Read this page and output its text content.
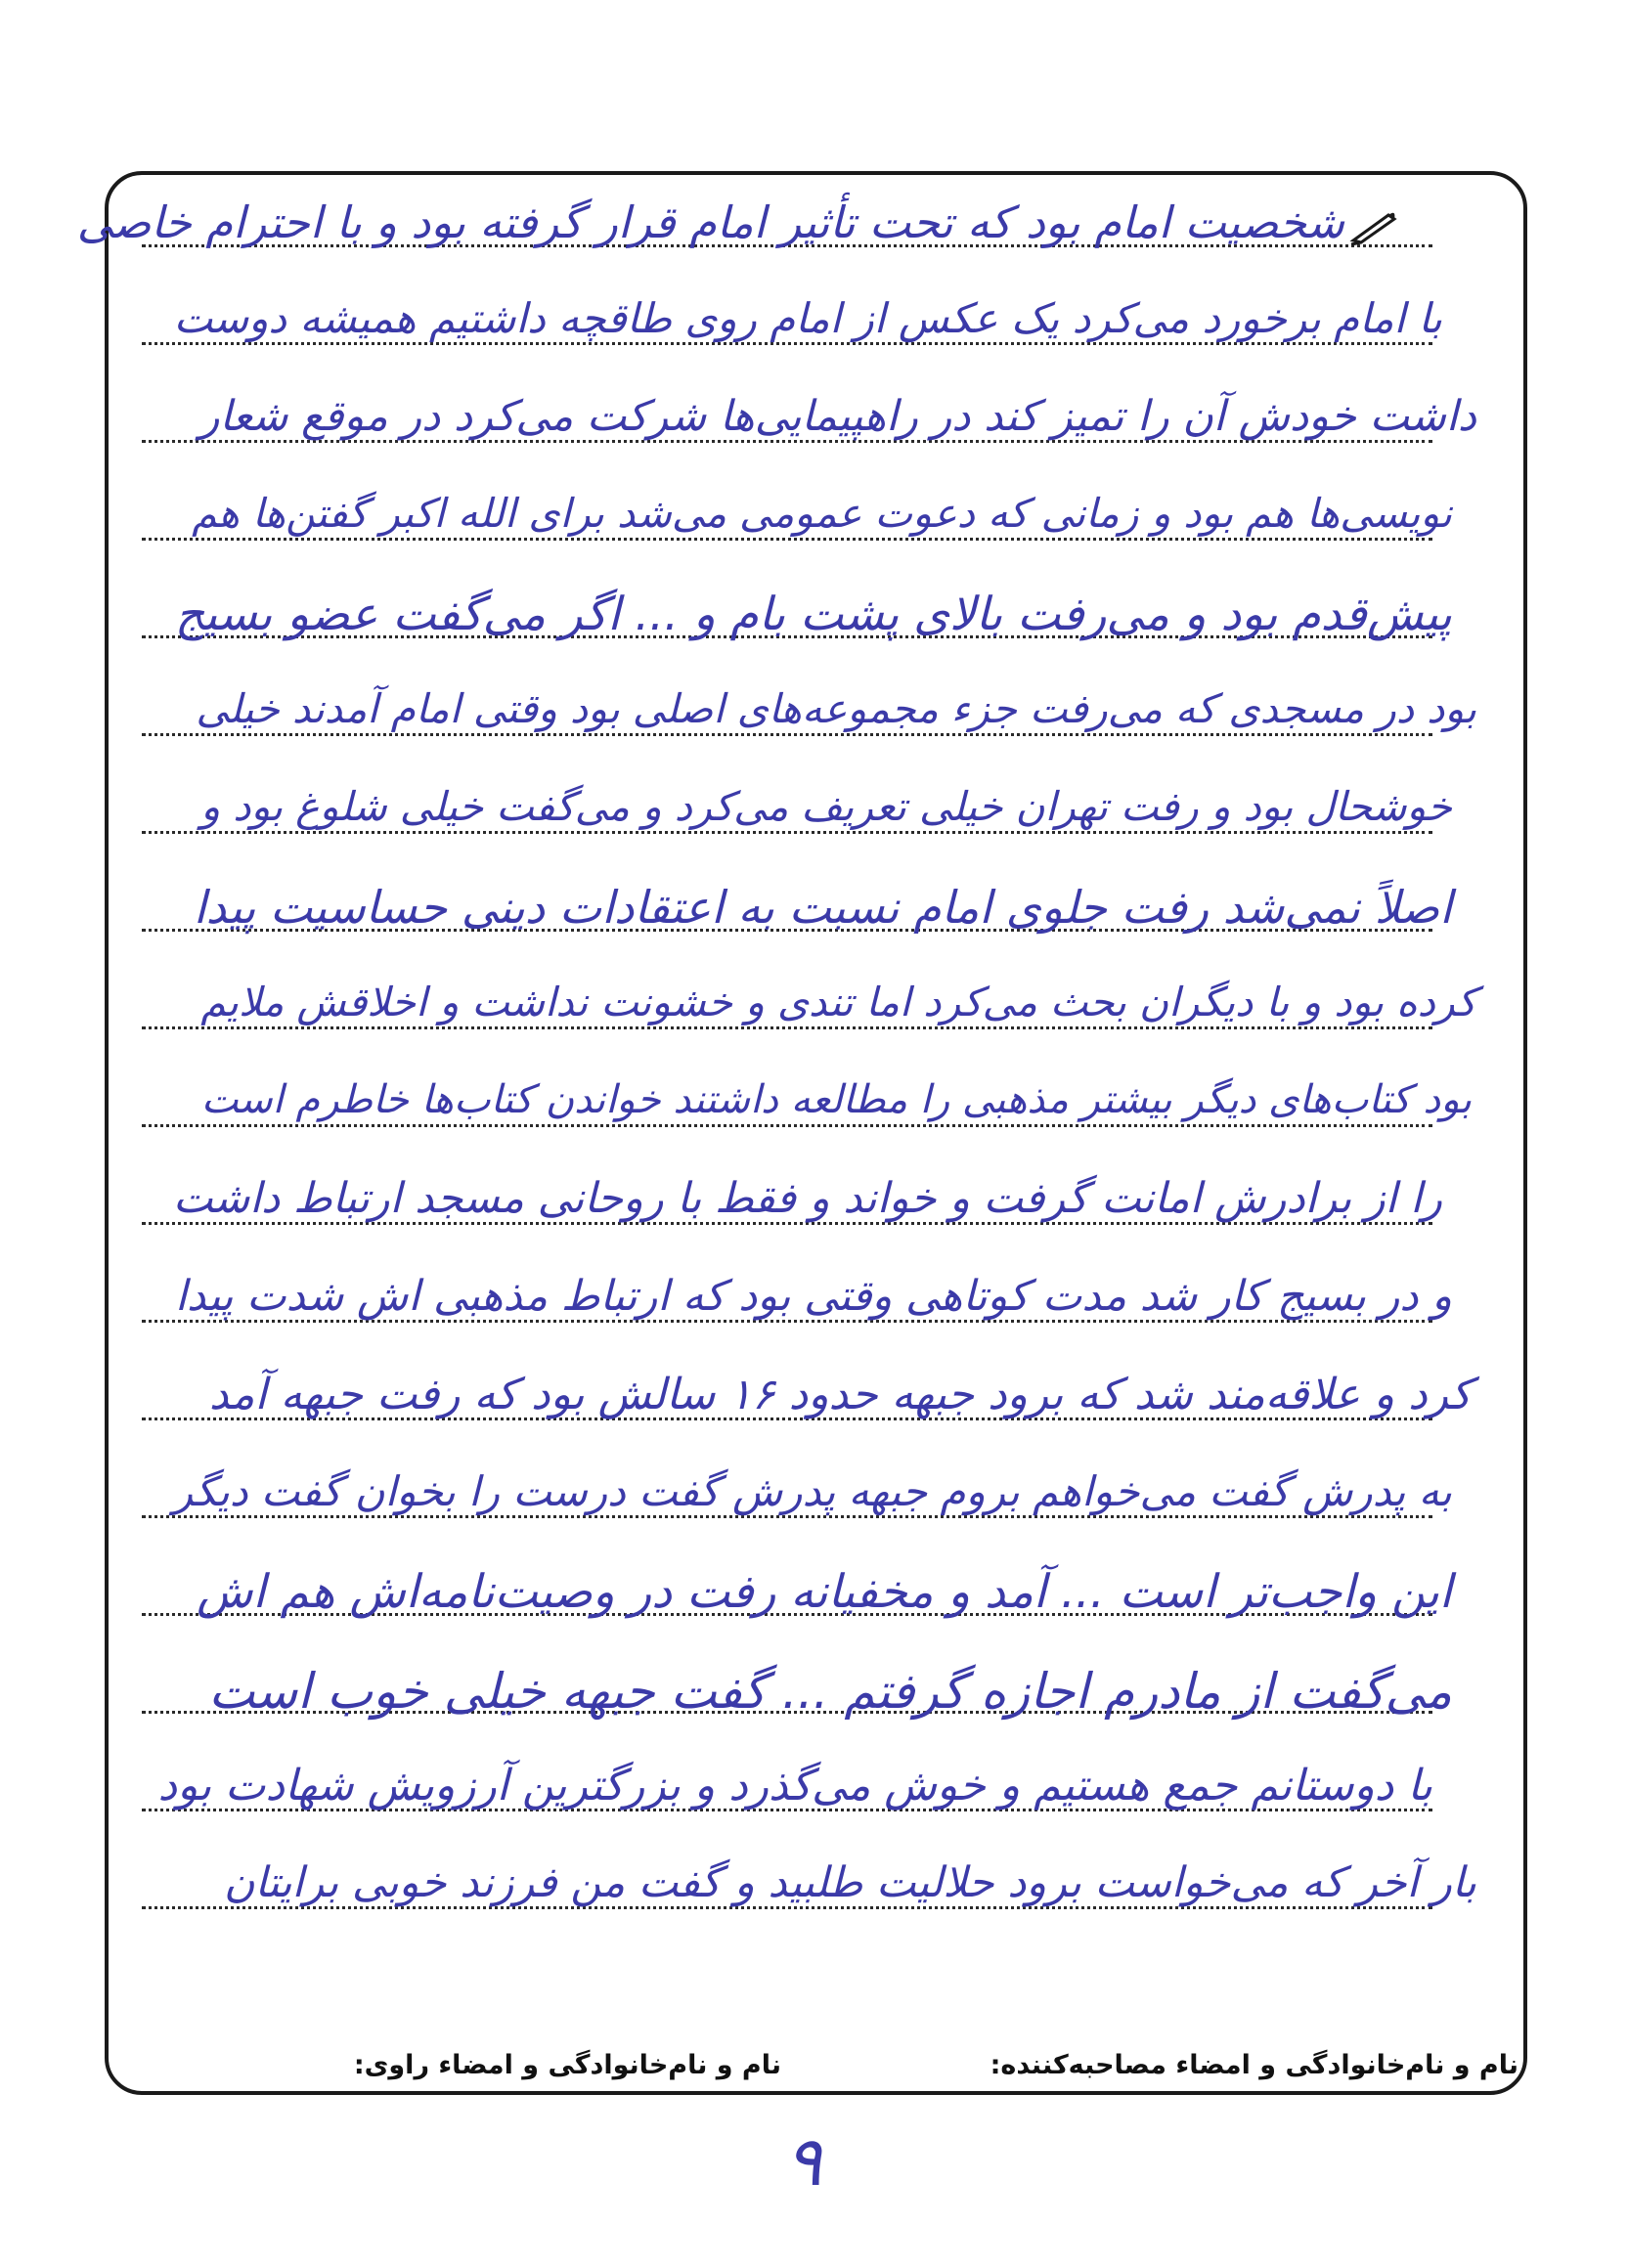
شخصیت امام بود که تحت تأثیر امام قرار گرفته بود و با احترام خاصی
با امام برخورد می‌کرد یک عکس از امام روی طاقچه داشتیم همیشه دوست
داشت خودش آن را تمیز کند در راهپیمایی‌ها شرکت می‌کرد در موقع شعار
نویسی‌ها هم بود و زمانی که دعوت عمومی می‌شد برای الله اکبر گفتن‌ها هم
پیش‌قدم بود و می‌رفت بالای پشت بام و ... اگر می‌گفت عضو بسیج
بود در مسجدی که می‌رفت جزء مجموعه‌های اصلی بود وقتی امام آمدند خیلی
خوشحال بود و رفت تهران خیلی تعریف می‌کرد و می‌گفت خیلی شلوغ بود و
اصلاً نمی‌شد رفت جلوی امام نسبت به اعتقادات دینی حساسیت پیدا
کرده بود و با دیگران بحث می‌کرد اما تندی و خشونت نداشت و اخلاقش ملایم
بود کتاب‌های دیگر بیشتر مذهبی را مطالعه داشتند خواندن کتاب‌ها خاطرم است
را از برادرش امانت گرفت و خواند و فقط با روحانی مسجد ارتباط داشت
و در بسیج کار شد مدت کوتاهی وقتی بود که ارتباط مذهبی اش شدت پیدا
کرد و علاقه‌مند شد که برود جبهه حدود ۱۶ سالش بود که رفت جبهه آمد
به پدرش گفت می‌خواهم بروم جبهه پدرش گفت درست را بخوان گفت دیگر
این واجب‌تر است ... آمد و مخفیانه رفت در وصیت‌نامه‌اش هم اش
می‌گفت از مادرم اجازه گرفتم ... گفت جبهه خیلی خوب است
با دوستانم جمع هستیم و خوش می‌گذرد و بزرگترین آرزویش شهادت بود
بار آخر که می‌خواست برود حلالیت طلبید و گفت من فرزند خوبی برایتان
نام و نام‌خانوادگی و امضاء مصاحبه‌کننده:
نام و نام‌خانوادگی و امضاء راوی:
۹
